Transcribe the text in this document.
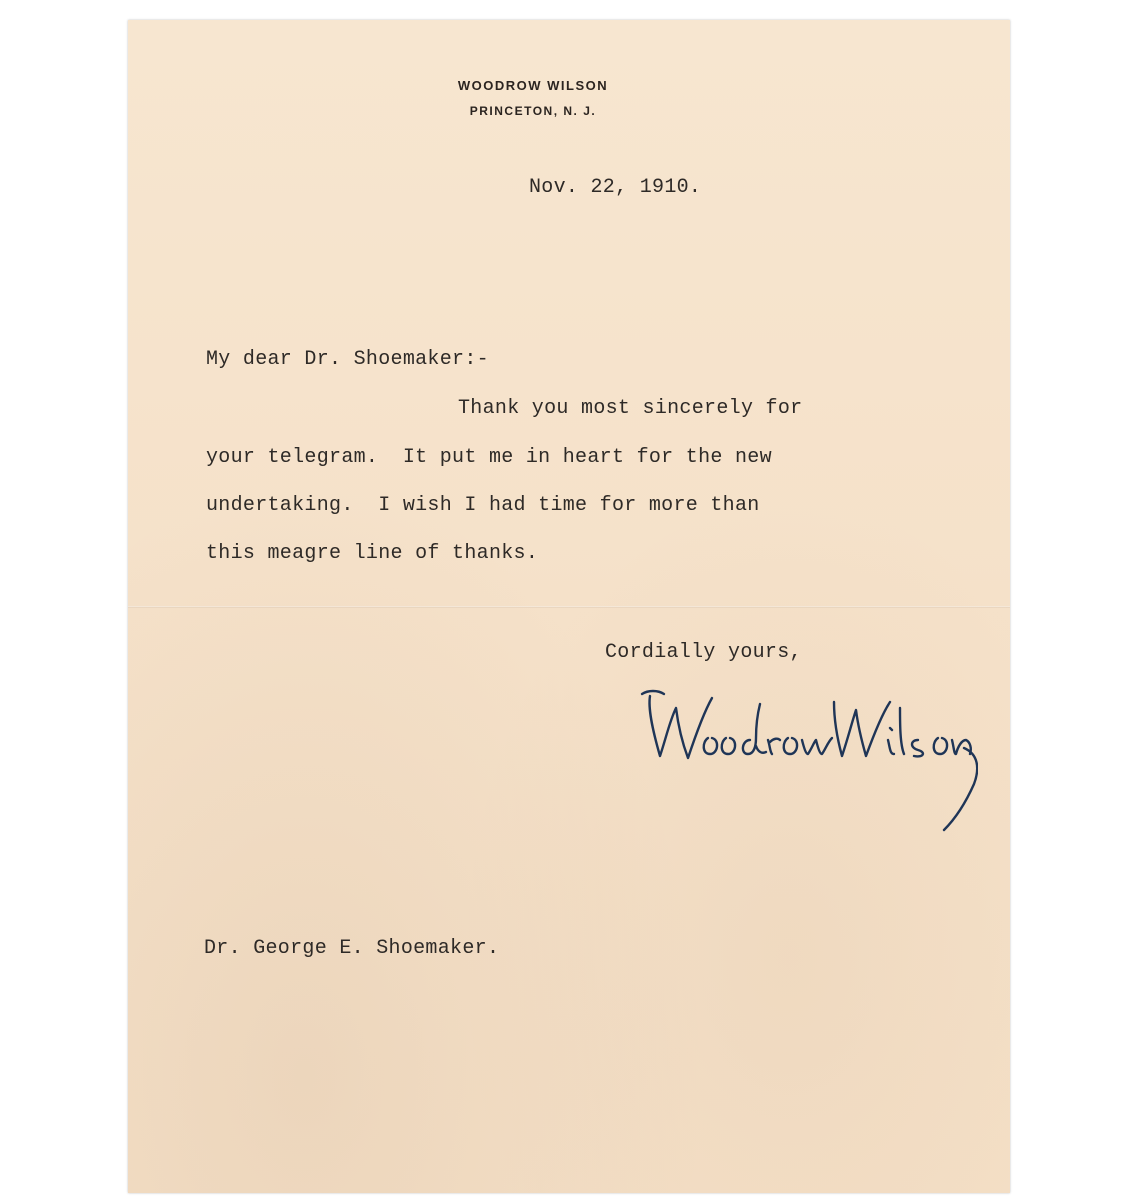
WOODROW WILSON
PRINCETON, N. J.
Nov. 22, 1910.
My dear Dr. Shoemaker:-
Thank you most sincerely for
your telegram.  It put me in heart for the new
undertaking.  I wish I had time for more than
this meagre line of thanks.
Cordially yours,
Dr. George E. Shoemaker.
